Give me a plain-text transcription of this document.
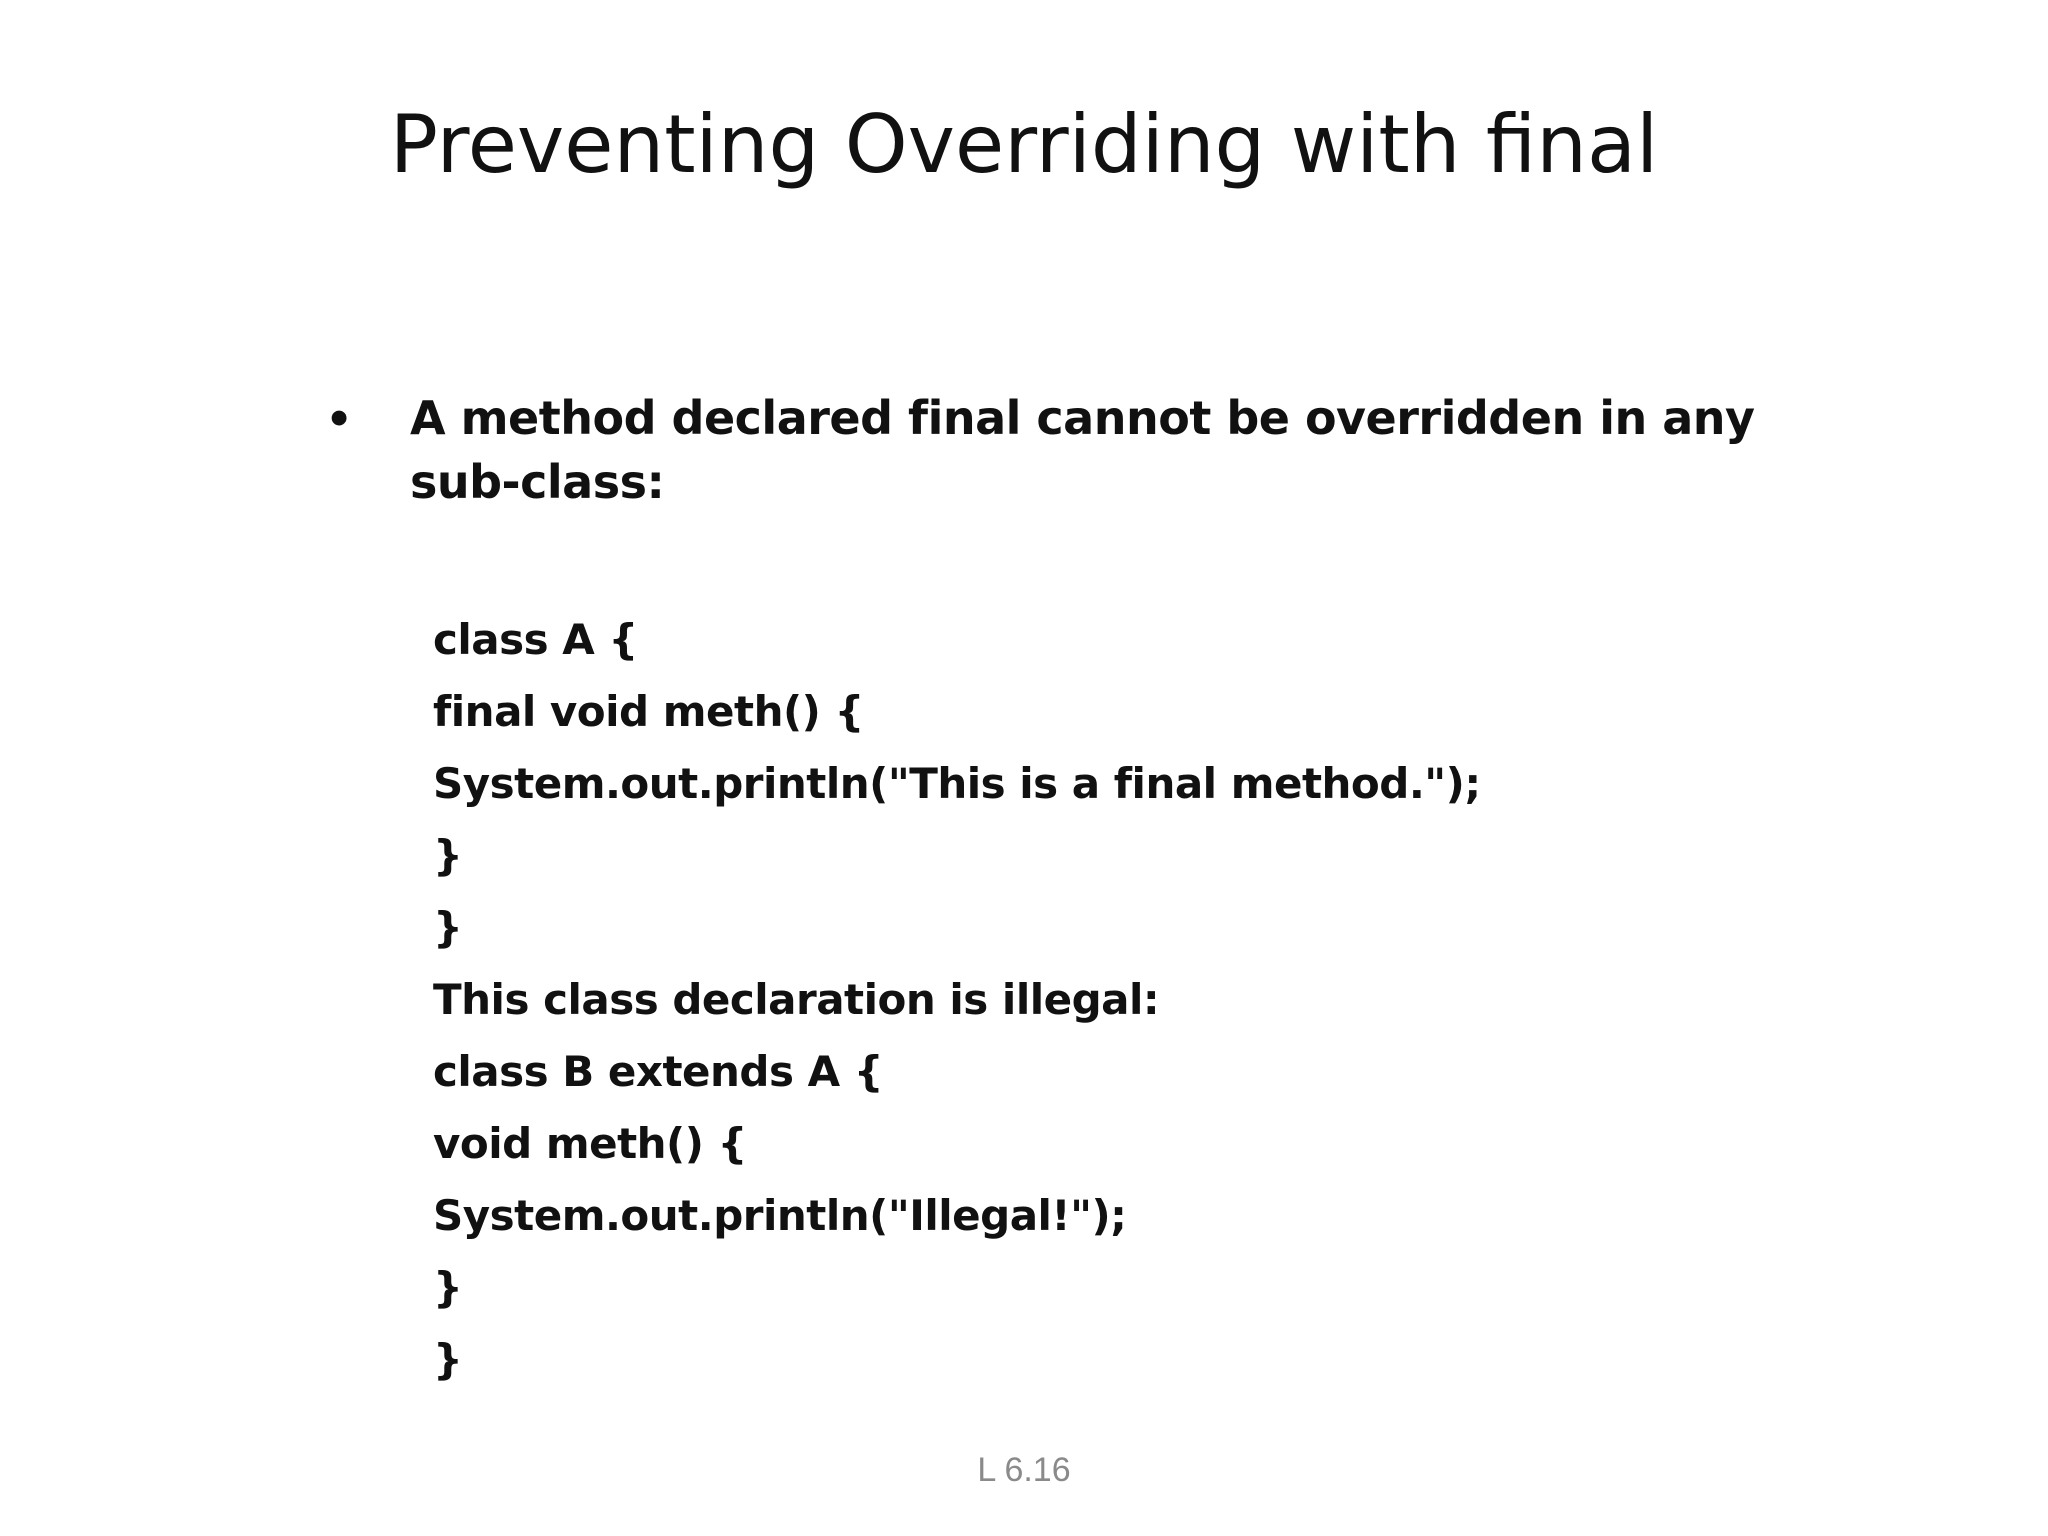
Preventing Overriding with final
• A method declared final cannot be overridden in any sub-class:
class A {
final void meth() {
System.out.println("This is a final method.");
}
}
This class declaration is illegal:
class B extends A {
void meth() {
System.out.println("Illegal!");
}
}
L 6.16
